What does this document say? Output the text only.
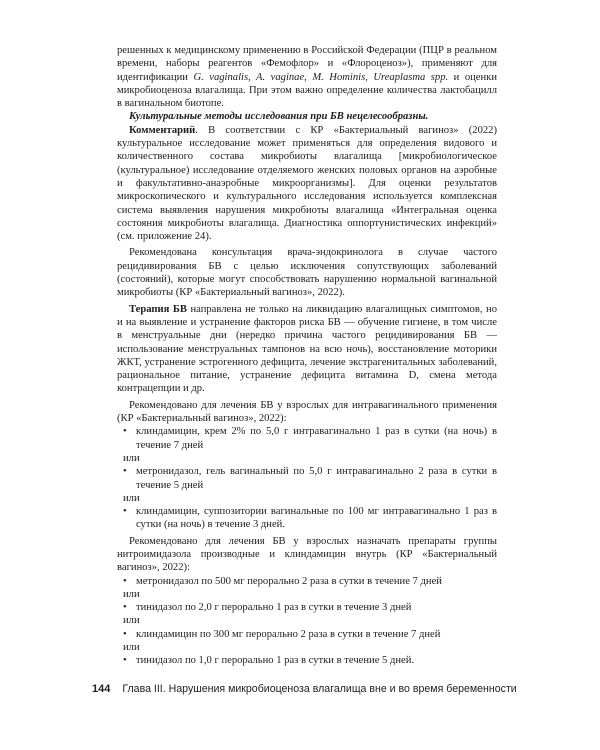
решенных к медицинскому применению в Российской Федерации (ПЦР в реальном времени, наборы реагентов «Фемофлор» и «Флороценоз»), применяют для идентификации G. vaginalis, A. vaginae, M. Hominis, Ureaplasma spp. и оценки микробиоценоза влагалища. При этом важно определение количества лактобацилл в вагинальном биотопе.

Культуральные методы исследования при БВ нецелесообразны.

Комментарий. В соответствии с КР «Бактериальный вагиноз» (2022) культуральное исследование может применяться для определения видового и количественного состава микробиоты влагалища [микробиологическое (культуральное) исследование отделяемого женских половых органов на аэробные и факультативно-анаэробные микроорганизмы]. Для оценки результатов микроскопического и культурального исследования используется комплексная система выявления нарушения микробиоты влагалища «Интегральная оценка состояния микробиоты влагалища. Диагностика оппортунистических инфекций» (см. приложение 24).

Рекомендована консультация врача-эндокринолога в случае частого рецидивирования БВ с целью исключения сопутствующих заболеваний (состояний), которые могут способствовать нарушению нормальной вагинальной микробиоты (КР «Бактериальный вагиноз», 2022).

Терапия БВ направлена не только на ликвидацию влагалищных симптомов, но и на выявление и устранение факторов риска БВ — обучение гигиене, в том числе в менструальные дни (нередко причина частого рецидивирования БВ — использование менструальных тампонов на всю ночь), восстановление моторики ЖКТ, устранение эстрогенного дефицита, лечение экстрагенитальных заболеваний, рациональное питание, устранение дефицита витамина D, смена метода контрацепции и др.

Рекомендовано для лечения БВ у взрослых для интравагинального применения (КР «Бактериальный вагиноз», 2022):

• клиндамицин, крем 2% по 5,0 г интравагинально 1 раз в сутки (на ночь) в течение 7 дней

или

• метронидазол, гель вагинальный по 5,0 г интравагинально 2 раза в сутки в течение 5 дней

или

• клиндамицин, суппозитории вагинальные по 100 мг интравагинально 1 раз в сутки (на ночь) в течение 3 дней.

Рекомендовано для лечения БВ у взрослых назначать препараты группы нитроимидазола производные и клиндамицин внутрь (КР «Бактериальный вагиноз», 2022):

• метронидазол по 500 мг перорально 2 раза в сутки в течение 7 дней

или

• тинидазол по 2,0 г перорально 1 раз в сутки в течение 3 дней

или

• клиндамицин по 300 мг перорально 2 раза в сутки в течение 7 дней

или

• тинидазол по 1,0 г перорально 1 раз в сутки в течение 5 дней.
144 Глава III. Нарушения микробиоценоза влагалища вне и во время беременности
